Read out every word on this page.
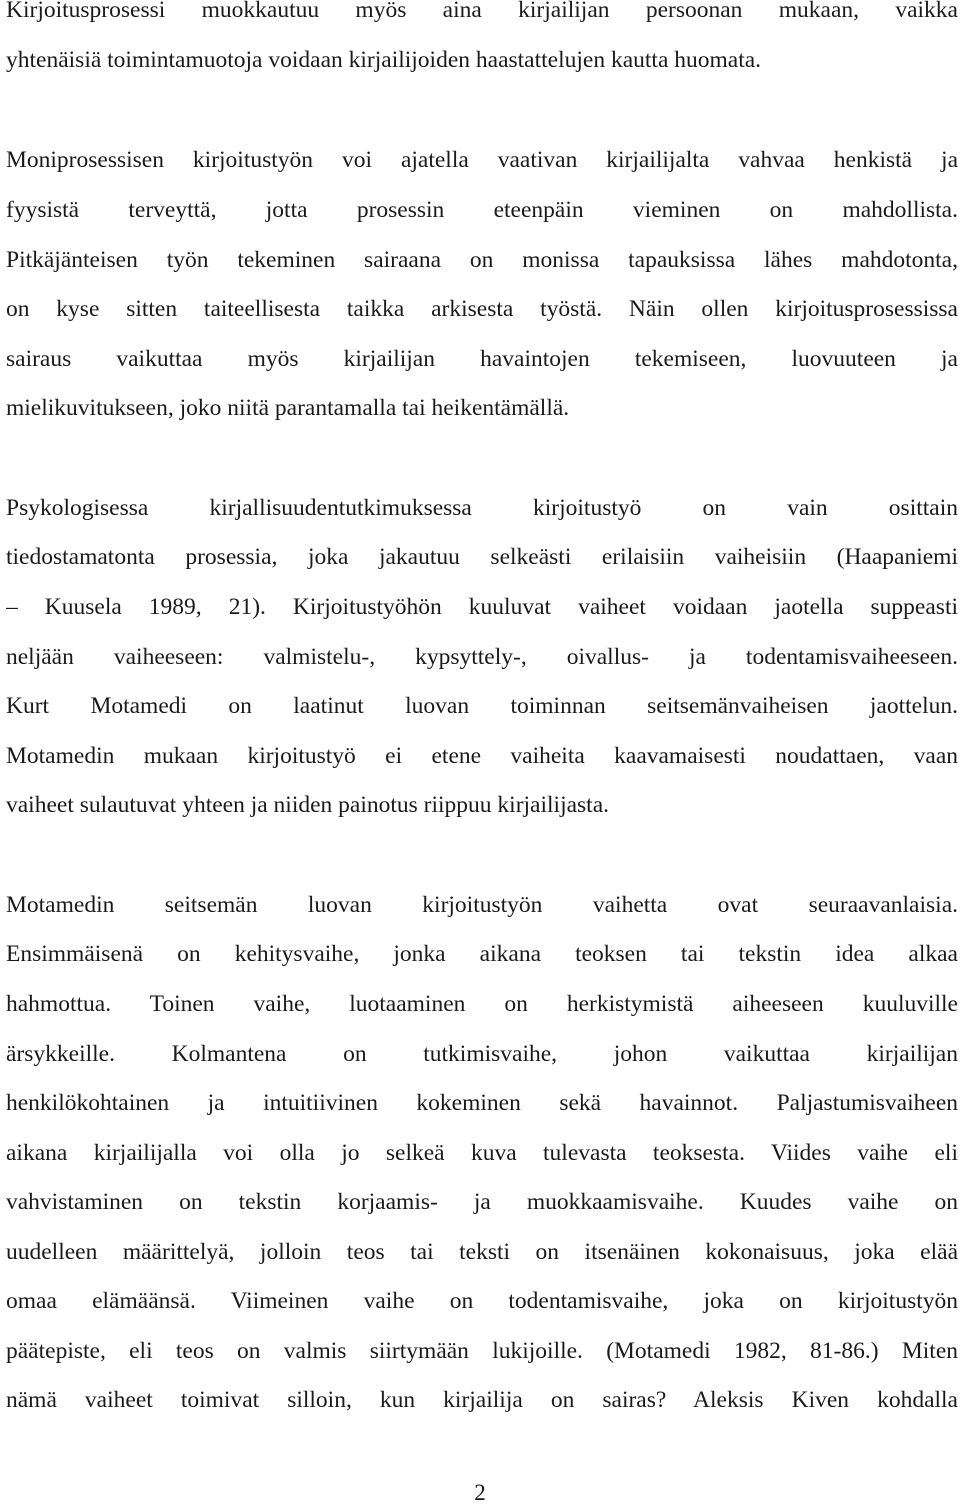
Kirjoitusprosessi muokkautuu myös aina kirjailijan persoonan mukaan, vaikka
yhtenäisiä toimintamuotoja voidaan kirjailijoiden haastattelujen kautta huomata.
Moniprosessisen kirjoitustyön voi ajatella vaativan kirjailijalta vahvaa henkistä ja
fyysistä terveyttä, jotta prosessin eteenpäin vieminen on mahdollista.
Pitkäjänteisen työn tekeminen sairaana on monissa tapauksissa lähes mahdotonta,
on kyse sitten taiteellisesta taikka arkisesta työstä. Näin ollen kirjoitusprosessissa
sairaus vaikuttaa myös kirjailijan havaintojen tekemiseen, luovuuteen ja
mielikuvitukseen, joko niitä parantamalla tai heikentämällä.
Psykologisessa kirjallisuudentutkimuksessa kirjoitustyö on vain osittain
tiedostamatonta prosessia, joka jakautuu selkeästi erilaisiin vaiheisiin (Haapaniemi
– Kuusela 1989, 21). Kirjoitustyöhön kuuluvat vaiheet voidaan jaotella suppeasti
neljään vaiheeseen: valmistelu-, kypsyttely-, oivallus- ja todentamisvaiheeseen.
Kurt Motamedi on laatinut luovan toiminnan seitsemänvaiheisen jaottelun.
Motamedin mukaan kirjoitustyö ei etene vaiheita kaavamaisesti noudattaen, vaan
vaiheet sulautuvat yhteen ja niiden painotus riippuu kirjailijasta.
Motamedin seitsemän luovan kirjoitustyön vaihetta ovat seuraavanlaisia.
Ensimmäisenä on kehitysvaihe, jonka aikana teoksen tai tekstin idea alkaa
hahmottua. Toinen vaihe, luotaaminen on herkistymistä aiheeseen kuuluville
ärsykkeille. Kolmantena on tutkimisvaihe, johon vaikuttaa kirjailijan
henkilökohtainen ja intuitiivinen kokeminen sekä havainnot. Paljastumisvaiheen
aikana kirjailijalla voi olla jo selkeä kuva tulevasta teoksesta. Viides vaihe eli
vahvistaminen on tekstin korjaamis- ja muokkaamisvaihe. Kuudes vaihe on
uudelleen määrittelyä, jolloin teos tai teksti on itsenäinen kokonaisuus, joka elää
omaa elämäänsä. Viimeinen vaihe on todentamisvaihe, joka on kirjoitustyön
päätepiste, eli teos on valmis siirtymään lukijoille. (Motamedi 1982, 81-86.) Miten
nämä vaiheet toimivat silloin, kun kirjailija on sairas? Aleksis Kiven kohdalla
2
